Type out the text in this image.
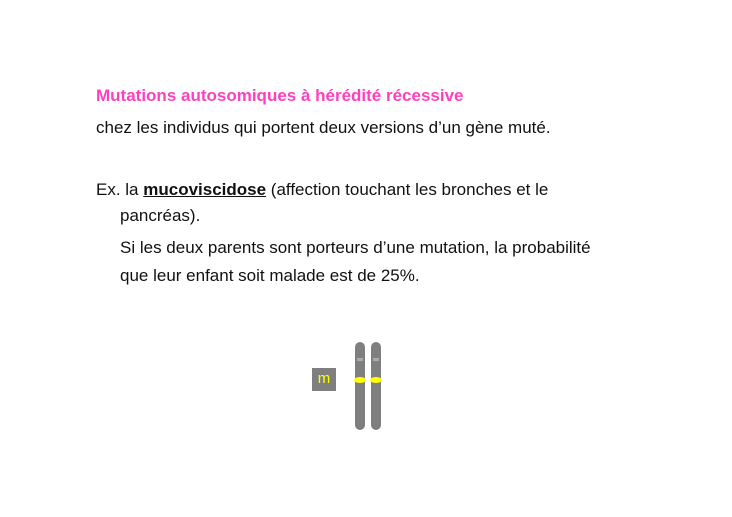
Mutations autosomiques à hérédité récessive
chez les individus qui portent deux versions d’un gène muté.
Ex. la mucoviscidose (affection touchant les bronches et le
pancréas).
Si les deux parents sont porteurs d’une mutation, la probabilité
que leur enfant soit malade est de 25%.
m
